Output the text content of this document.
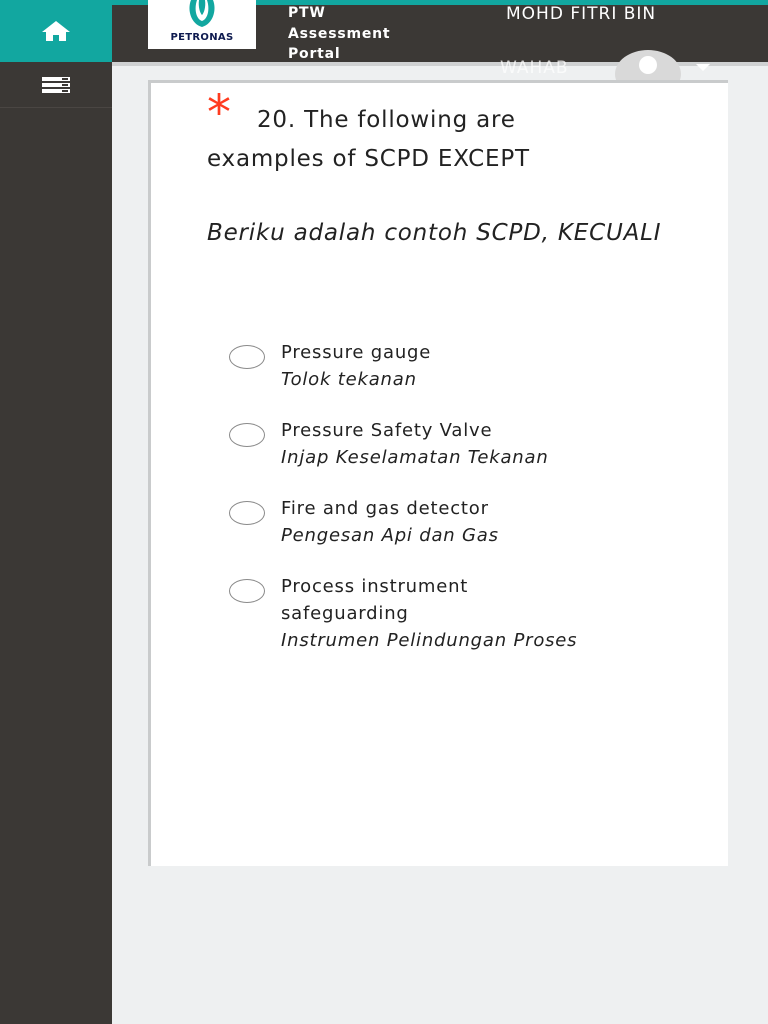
PETRONAS
PTW
Assessment
Portal
MOHD FITRI BIN
WAHAB
*	20. The following are examples of SCPD EXCEPT
Beriku adalah contoh SCPD, KECUALI
Pressure gauge
Tolok tekanan
Pressure Safety Valve
Injap Keselamatan Tekanan
Fire and gas detector
Pengesan Api dan Gas
Process instrument safeguarding
Instrumen Pelindungan Proses
